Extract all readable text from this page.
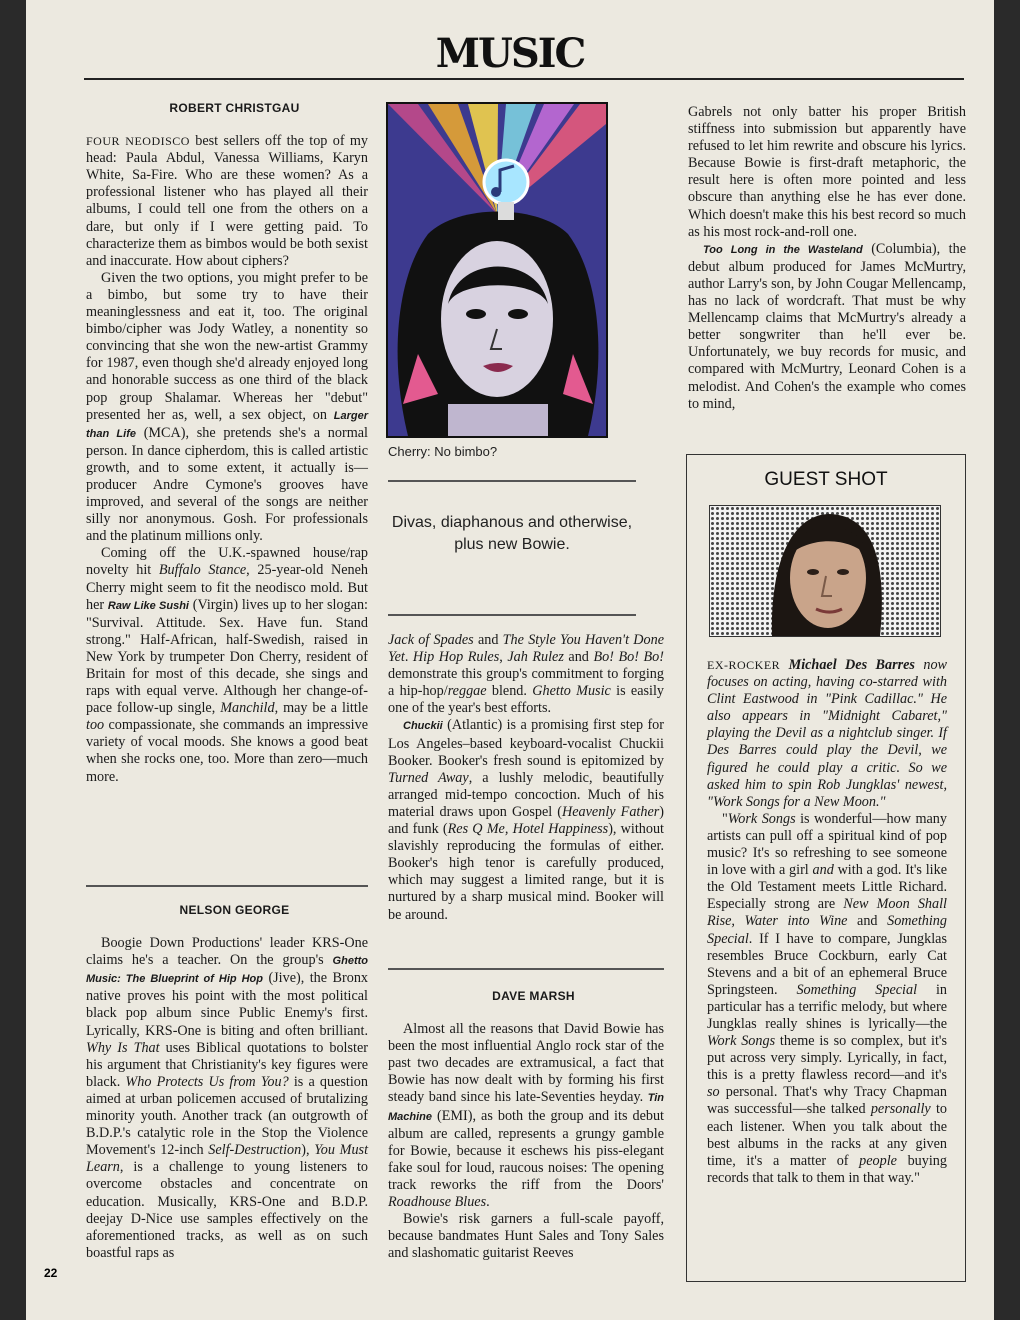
MUSIC

ROBERT CHRISTGAU

FOUR NEODISCO best sellers off the top of my head: Paula Abdul, Vanessa Williams, Karyn White, Sa-Fire. Who are these women? As a professional listener who has played all their albums, I could tell one from the others on a dare, but only if I were getting paid. To characterize them as bimbos would be both sexist and inaccurate. How about ciphers?

Given the two options, you might prefer to be a bimbo, but some try to have their meaninglessness and eat it, too. The original bimbo/cipher was Jody Watley, a nonentity so convincing that she won the new-artist Grammy for 1987, even though she'd already enjoyed long and honorable success as one third of the black pop group Shalamar. Whereas her "debut" presented her as, well, a sex object, on Larger than Life (MCA), she pretends she's a normal person. In dance cipherdom, this is called artistic growth, and to some extent, it actually is—producer Andre Cymone's grooves have improved, and several of the songs are neither silly nor anonymous. Gosh. For professionals and the platinum millions only.

Coming off the U.K.-spawned house/rap novelty hit Buffalo Stance, 25-year-old Neneh Cherry might seem to fit the neodisco mold. But her Raw Like Sushi (Virgin) lives up to her slogan: "Survival. Attitude. Sex. Have fun. Stand strong." Half-African, half-Swedish, raised in New York by trumpeter Don Cherry, resident of Britain for most of this decade, she sings and raps with equal verve. Although her change-of-pace follow-up single, Manchild, may be a little too compassionate, she commands an impressive variety of vocal moods. She knows a good beat when she rocks one, too. More than zero—much more.

NELSON GEORGE

Boogie Down Productions' leader KRS-One claims he's a teacher. On the group's Ghetto Music: The Blueprint of Hip Hop (Jive), the Bronx native proves his point with the most political black pop album since Public Enemy's first. Lyrically, KRS-One is biting and often brilliant. Why Is That uses Biblical quotations to bolster his argument that Christianity's key figures were black. Who Protects Us from You? is a question aimed at urban policemen accused of brutalizing minority youth. Another track (an outgrowth of B.D.P.'s catalytic role in the Stop the Violence Movement's 12-inch Self-Destruction), You Must Learn, is a challenge to young listeners to overcome obstacles and concentrate on education. Musically, KRS-One and B.D.P. deejay D-Nice use samples effectively on the aforementioned tracks, as well as on such boastful raps as

Cherry: No bimbo?

Divas, diaphanous and otherwise, plus new Bowie.

Jack of Spades and The Style You Haven't Done Yet. Hip Hop Rules, Jah Rulez and Bo! Bo! Bo! demonstrate this group's commitment to forging a hip-hop/reggae blend. Ghetto Music is easily one of the year's best efforts.

Chuckii (Atlantic) is a promising first step for Los Angeles–based keyboard-vocalist Chuckii Booker. Booker's fresh sound is epitomized by Turned Away, a lushly melodic, beautifully arranged mid-tempo concoction. Much of his material draws upon Gospel (Heavenly Father) and funk (Res Q Me, Hotel Happiness), without slavishly reproducing the formulas of either. Booker's high tenor is carefully produced, which may suggest a limited range, but it is nurtured by a sharp musical mind. Booker will be around.

DAVE MARSH

Almost all the reasons that David Bowie has been the most influential Anglo rock star of the past two decades are extramusical, a fact that Bowie has now dealt with by forming his first steady band since his late-Seventies heyday. Tin Machine (EMI), as both the group and its debut album are called, represents a grungy gamble for Bowie, because it eschews his piss-elegant fake soul for loud, raucous noises: The opening track reworks the riff from the Doors' Roadhouse Blues.

Bowie's risk garners a full-scale payoff, because bandmates Hunt Sales and Tony Sales and slashomatic guitarist Reeves

Gabrels not only batter his proper British stiffness into submission but apparently have refused to let him rewrite and obscure his lyrics. Because Bowie is first-draft metaphoric, the result here is often more pointed and less obscure than anything else he has ever done. Which doesn't make this his best record so much as his most rock-and-roll one.

Too Long in the Wasteland (Columbia), the debut album produced for James McMurtry, author Larry's son, by John Cougar Mellencamp, has no lack of wordcraft. That must be why Mellencamp claims that McMurtry's already a better songwriter than he'll ever be. Unfortunately, we buy records for music, and compared with McMurtry, Leonard Cohen is a melodist. And Cohen's the example who comes to mind,

GUEST SHOT

EX-ROCKER Michael Des Barres now focuses on acting, having co-starred with Clint Eastwood in "Pink Cadillac." He also appears in "Midnight Cabaret," playing the Devil as a nightclub singer. If Des Barres could play the Devil, we figured he could play a critic. So we asked him to spin Rob Jungklas' newest, "Work Songs for a New Moon."

"Work Songs is wonderful—how many artists can pull off a spiritual kind of pop music? It's so refreshing to see someone in love with a girl and with a god. It's like the Old Testament meets Little Richard. Especially strong are New Moon Shall Rise, Water into Wine and Something Special. If I have to compare, Jungklas resembles Bruce Cockburn, early Cat Stevens and a bit of an ephemeral Bruce Springsteen. Something Special in particular has a terrific melody, but where Jungklas really shines is lyrically—the Work Songs theme is so complex, but it's put across very simply. Lyrically, in fact, this is a pretty flawless record—and it's so personal. That's why Tracy Chapman was successful—she talked personally to each listener. When you talk about the best albums in the racks at any given time, it's a matter of people buying records that talk to them in that way."

22
